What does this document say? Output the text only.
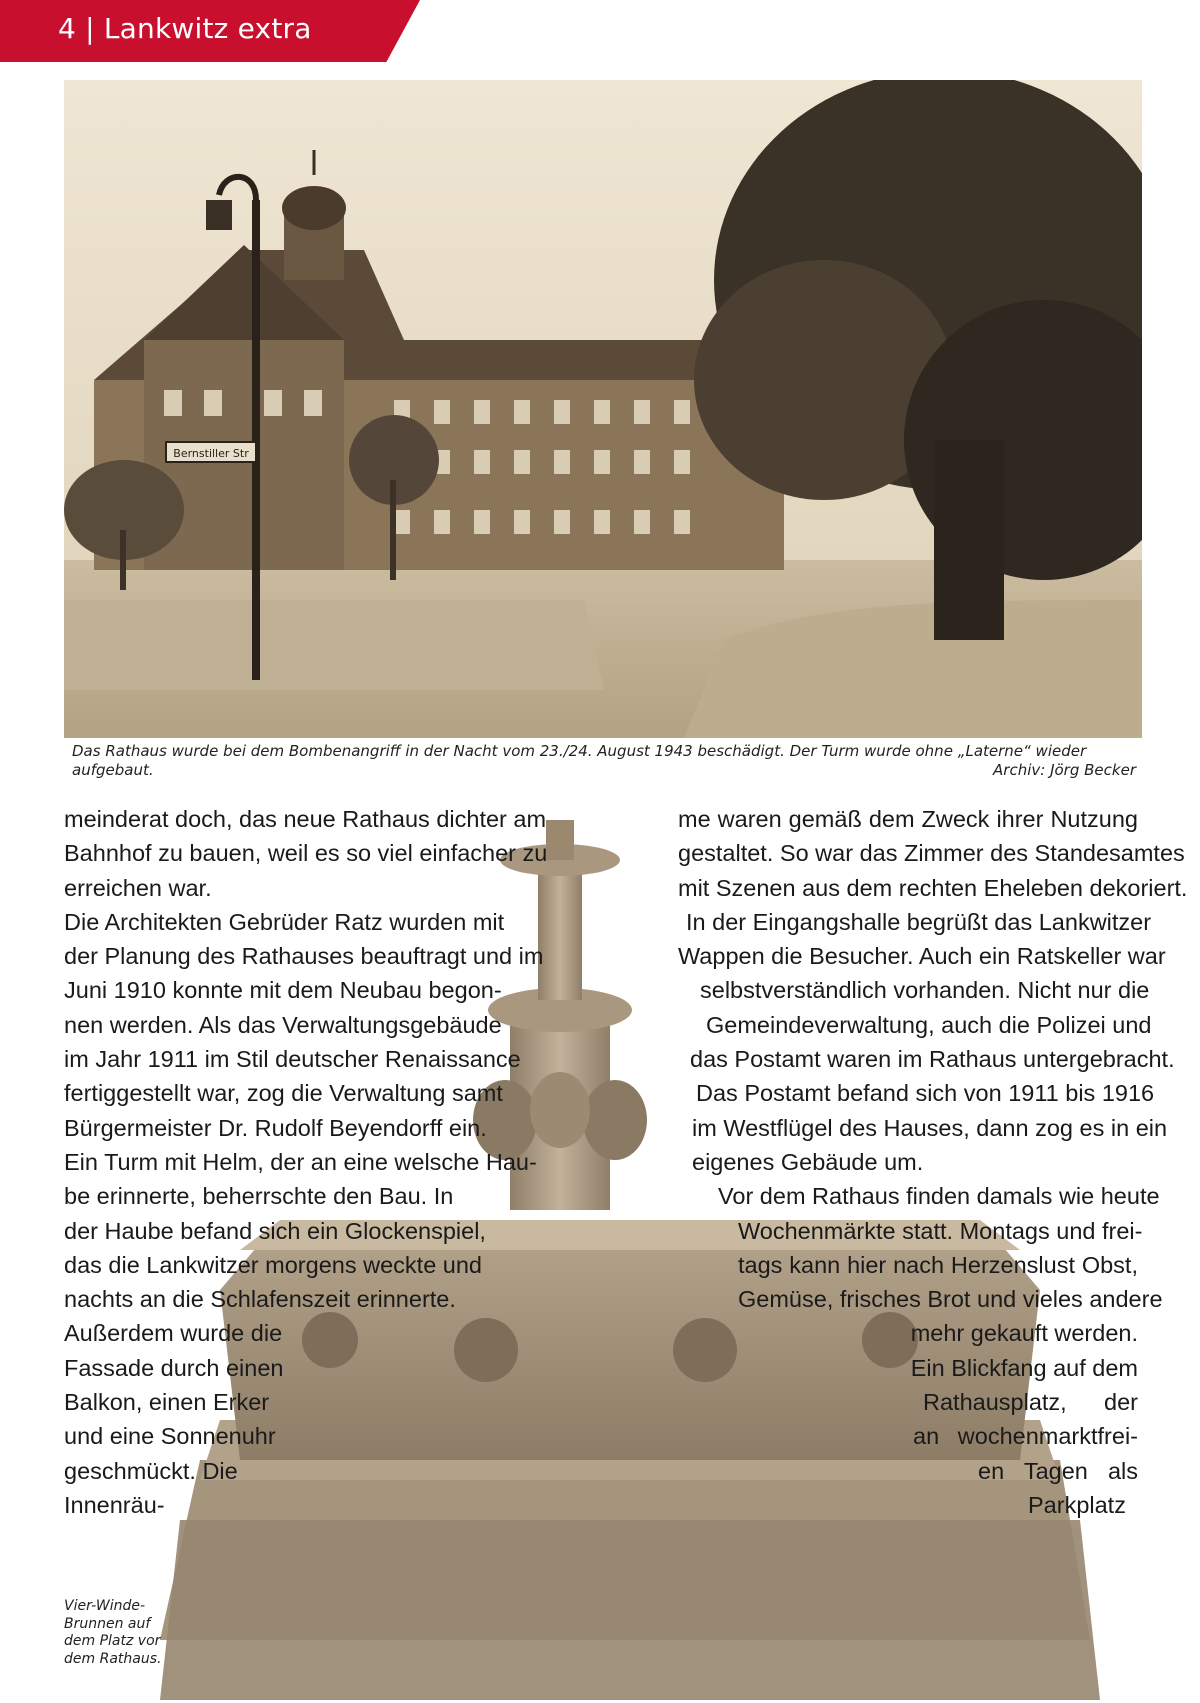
4 | Lankwitz extra
Bernstiller Str
Das Rathaus wurde bei dem Bombenangriff in der Nacht vom 23./24. August 1943 beschädigt. Der Turm wurde ohne „Laterne“ wieder aufgebaut.	Archiv: Jörg Becker
meinderat doch, das neue Rathaus dichter am
Bahnhof zu bauen, weil es so viel einfacher zu
erreichen war.
Die Architekten Gebrüder Ratz wurden mit
der Planung des Rathauses beauftragt und im
Juni 1910 konnte mit dem Neubau begon-
nen werden. Als das Verwaltungsgebäude
im Jahr 1911 im Stil deutscher Renaissance
fertiggestellt war, zog die Verwaltung samt
Bürgermeister Dr. Rudolf Beyendorff ein.
Ein Turm mit Helm, der an eine welsche Hau-
be erinnerte, beherrschte den Bau. In
der Haube befand sich ein Glockenspiel,
das die Lankwitzer morgens weckte und
nachts an die Schlafenszeit erinnerte.
Außerdem wurde die
Fassade durch einen
Balkon, einen Erker
und eine Sonnenuhr
geschmückt. Die
Innenräu-
me waren gemäß dem Zweck ihrer Nutzung
gestaltet. So war das Zimmer des Standesamtes
mit Szenen aus dem rechten Eheleben dekoriert.
In der Eingangshalle begrüßt das Lankwitzer
Wappen die Besucher. Auch ein Ratskeller war
selbstverständlich vorhanden. Nicht nur die
Gemeindeverwaltung, auch die Polizei und
das Postamt waren im Rathaus untergebracht.
Das Postamt befand sich von 1911 bis 1916
im Westflügel des Hauses, dann zog es in ein
eigenes Gebäude um.
Vor dem Rathaus finden damals wie heute
Wochenmärkte statt. Montags und frei-
tags kann hier nach Herzenslust Obst,
Gemüse, frisches Brot und vieles andere
mehr gekauft werden.
Ein Blickfang auf dem
Rathausplatz, der
an wochenmarktfrei-
en Tagen als
Parkplatz
Vier-Winde-Brunnen auf dem Platz vor dem Rathaus.
